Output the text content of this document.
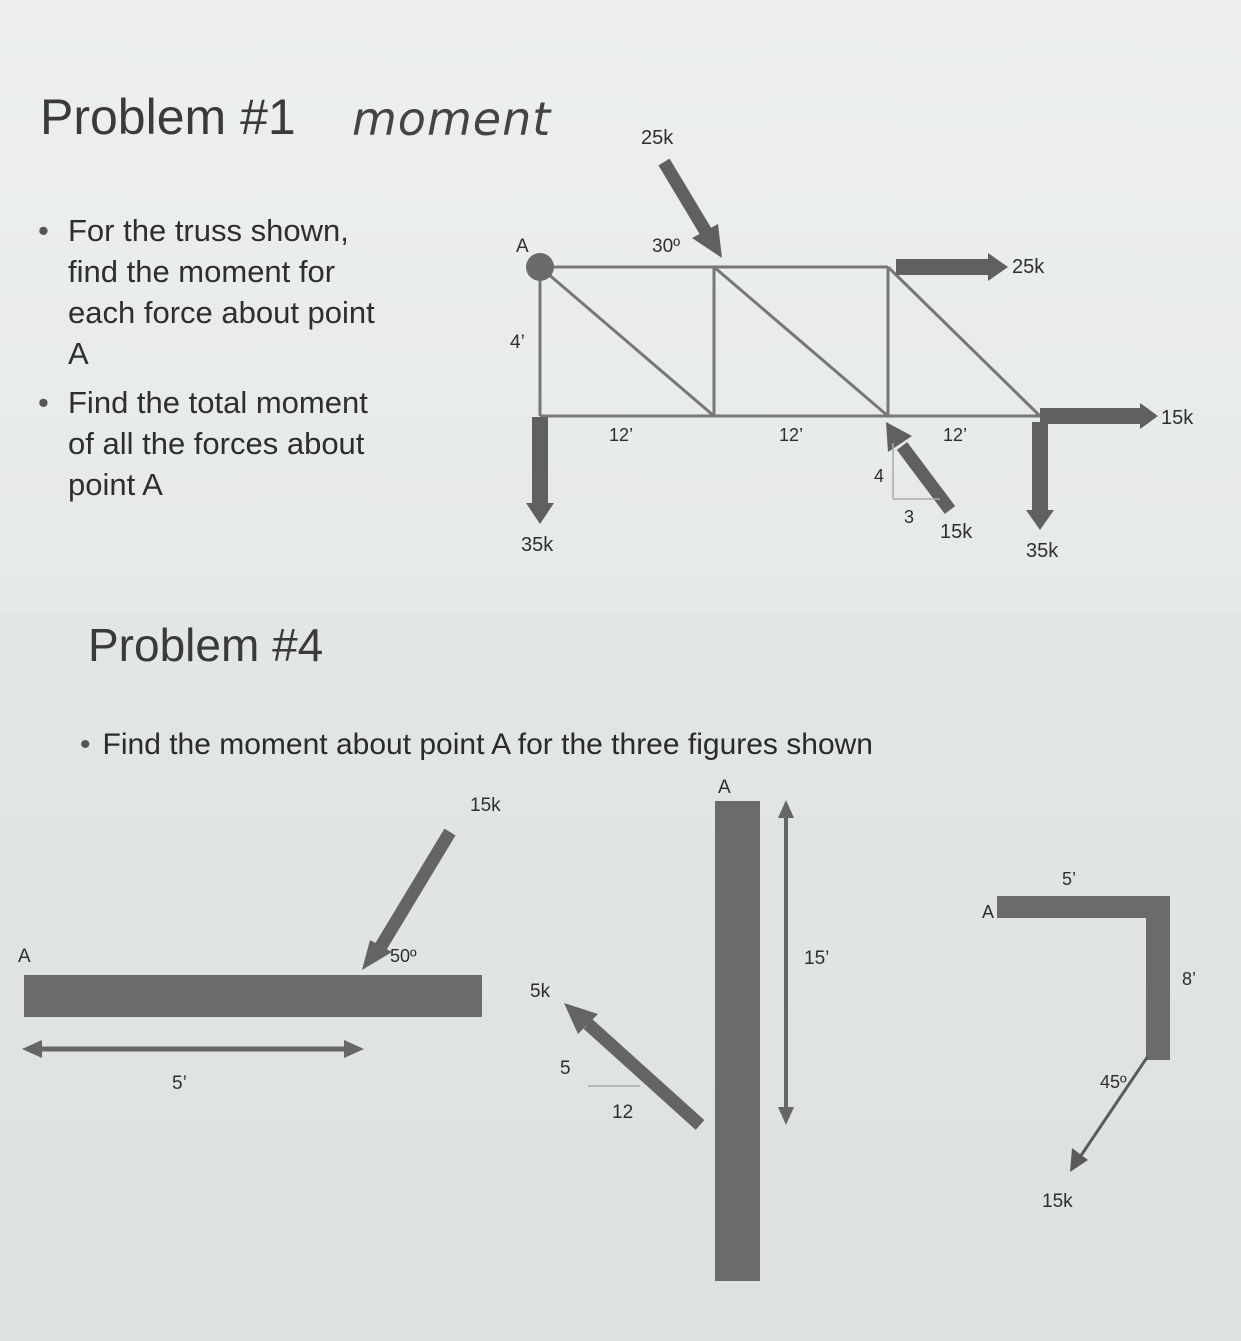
Problem #1 moment
• For the truss shown, find the moment for each force about point A
• Find the total moment of all the forces about point A
Problem #4
• Find the moment about point A for the three figures shown
A
4’
25k
30º
25k
12’	12’	12’
4
3
15k
15k
35k	35k
A
15k
50º
5’
A
5k
5
12
15’
A
5’
8’
45º
15k
